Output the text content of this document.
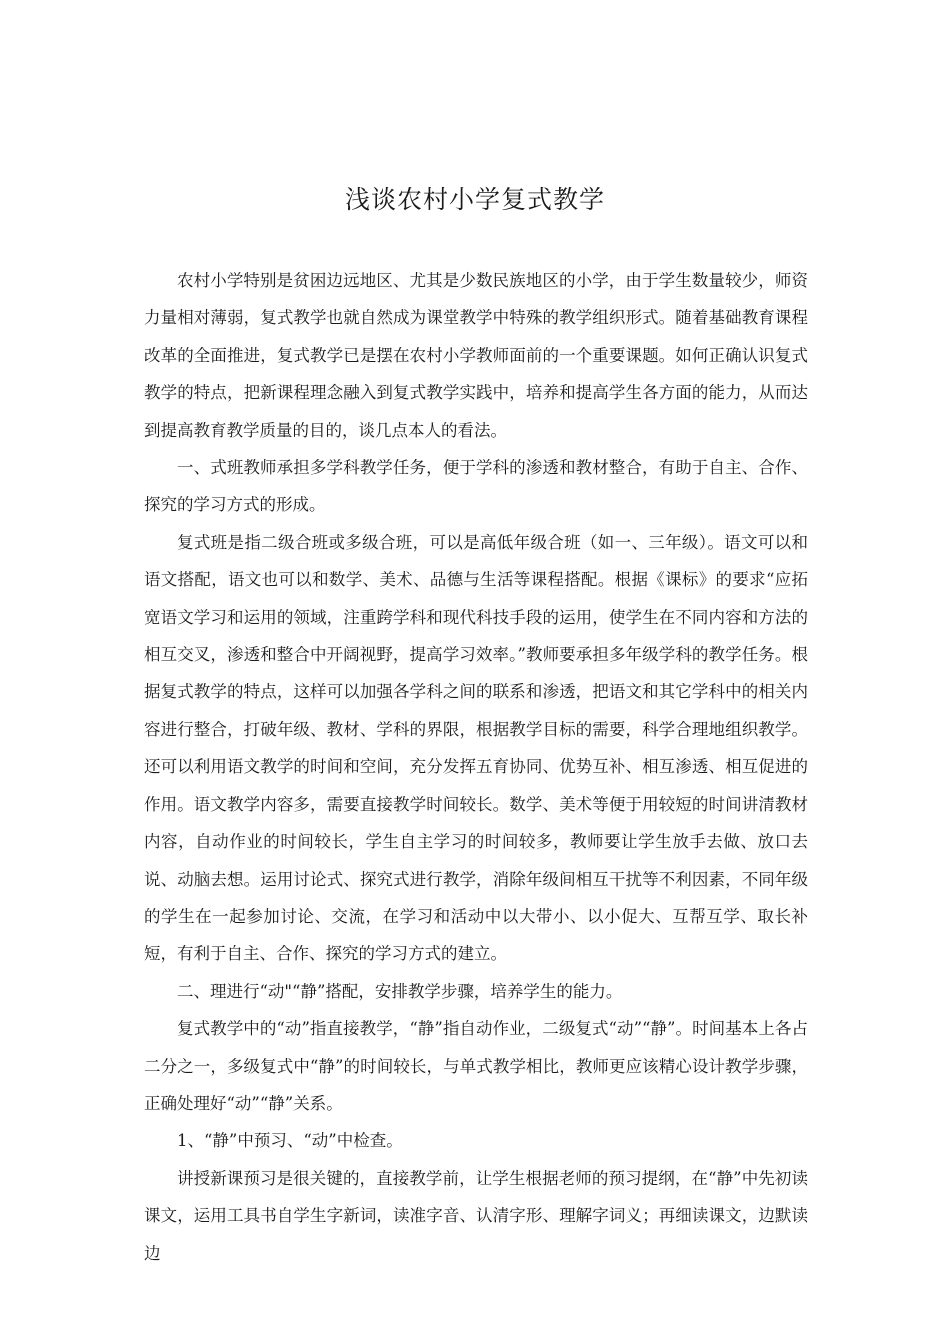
浅谈农村小学复式教学

农村小学特别是贫困边远地区、尤其是少数民族地区的小学，由于学生数量较少，师资力量相对薄弱，复式教学也就自然成为课堂教学中特殊的教学组织形式。随着基础教育课程改革的全面推进，复式教学已是摆在农村小学教师面前的一个重要课题。如何正确认识复式教学的特点，把新课程理念融入到复式教学实践中，培养和提高学生各方面的能力，从而达到提高教育教学质量的目的，谈几点本人的看法。

一、式班教师承担多学科教学任务，便于学科的渗透和教材整合，有助于自主、合作、探究的学习方式的形成。

复式班是指二级合班或多级合班，可以是高低年级合班（如一、三年级）。语文可以和语文搭配，语文也可以和数学、美术、品德与生活等课程搭配。根据《课标》的要求“应拓宽语文学习和运用的领域，注重跨学科和现代科技手段的运用，使学生在不同内容和方法的相互交叉，渗透和整合中开阔视野，提高学习效率。”教师要承担多年级学科的教学任务。根据复式教学的特点，这样可以加强各学科之间的联系和渗透，把语文和其它学科中的相关内容进行整合，打破年级、教材、学科的界限，根据教学目标的需要，科学合理地组织教学。还可以利用语文教学的时间和空间，充分发挥五育协同、优势互补、相互渗透、相互促进的作用。语文教学内容多，需要直接教学时间较长。数学、美术等便于用较短的时间讲清教材内容，自动作业的时间较长，学生自主学习的时间较多，教师要让学生放手去做、放口去说、动脑去想。运用讨论式、探究式进行教学，消除年级间相互干扰等不利因素，不同年级的学生在一起参加讨论、交流，在学习和活动中以大带小、以小促大、互帮互学、取长补短，有利于自主、合作、探究的学习方式的建立。

二、理进行“动"“静”搭配，安排教学步骤，培养学生的能力。

复式教学中的“动”指直接教学，“静”指自动作业，二级复式“动”“静”。时间基本上各占二分之一，多级复式中“静”的时间较长，与单式教学相比，教师更应该精心设计教学步骤，正确处理好“动”“静”关系。

1、“静”中预习、“动”中检查。

讲授新课预习是很关键的，直接教学前，让学生根据老师的预习提纲，在“静”中先初读课文，运用工具书自学生字新词，读准字音、认清字形、理解字词义；再细读课文，边默读边
